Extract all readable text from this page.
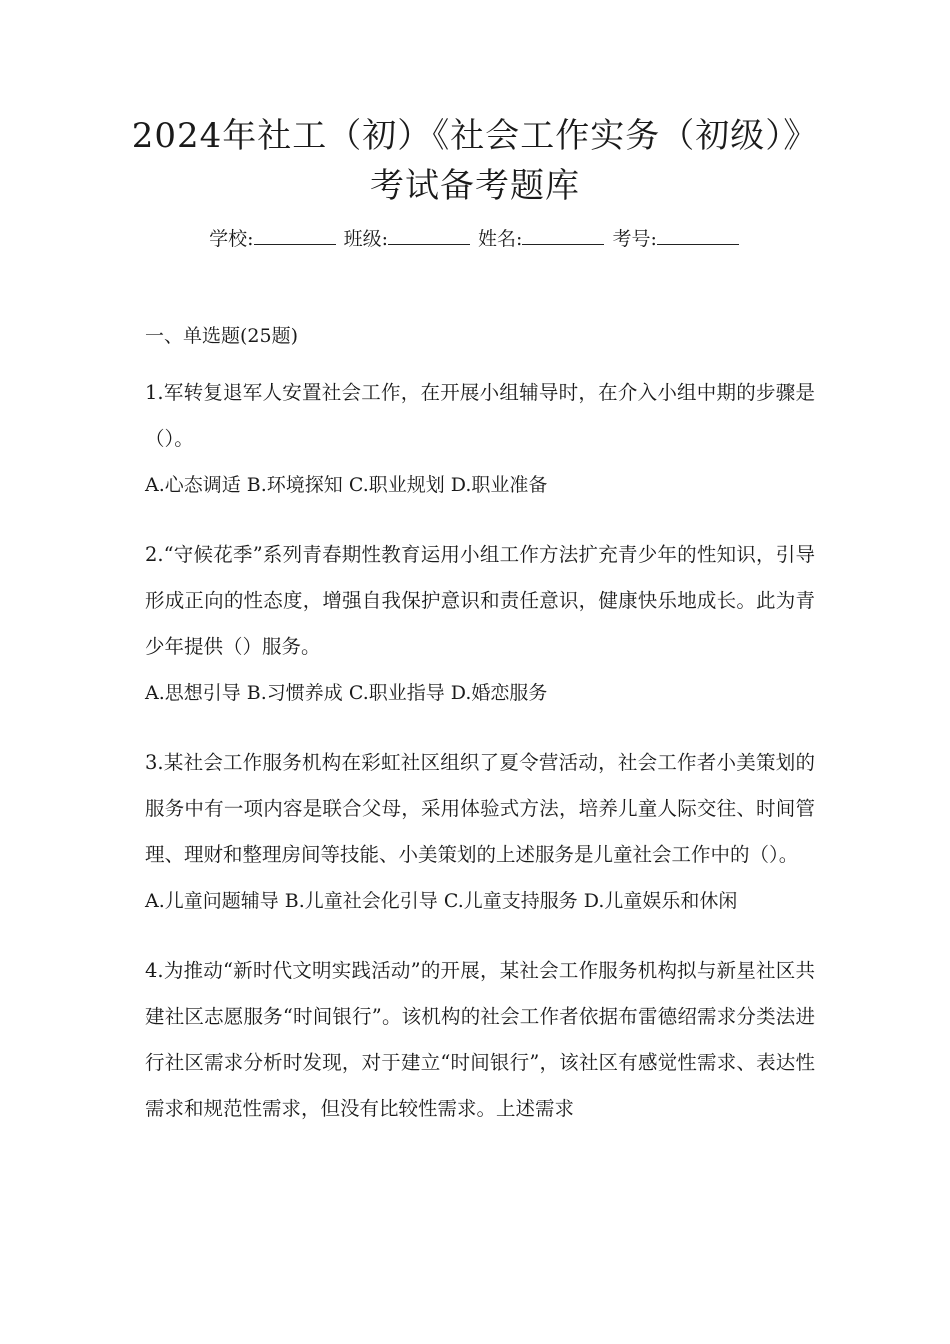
2024年社工（初）《社会工作实务（初级）》
考试备考题库
学校:	班级:	姓名:	考号:
一、单选题(25题)
1.军转复退军人安置社会工作，在开展小组辅导时，在介入小组中期的步骤是（）。
A.心态调适 B.环境探知 C.职业规划 D.职业准备
2.“守候花季”系列青春期性教育运用小组工作方法扩充青少年的性知识，引导形成正向的性态度，增强自我保护意识和责任意识，健康快乐地成长。此为青少年提供（）服务。
A.思想引导 B.习惯养成 C.职业指导 D.婚恋服务
3.某社会工作服务机构在彩虹社区组织了夏令营活动，社会工作者小美策划的服务中有一项内容是联合父母，采用体验式方法，培养儿童人际交往、时间管理、理财和整理房间等技能、小美策划的上述服务是儿童社会工作中的（）。
A.儿童问题辅导 B.儿童社会化引导 C.儿童支持服务 D.儿童娱乐和休闲
4.为推动“新时代文明实践活动”的开展，某社会工作服务机构拟与新星社区共建社区志愿服务“时间银行”。该机构的社会工作者依据布雷德绍需求分类法进行社区需求分析时发现，对于建立“时间银行”，该社区有感觉性需求、表达性需求和规范性需求，但没有比较性需求。上述需求
